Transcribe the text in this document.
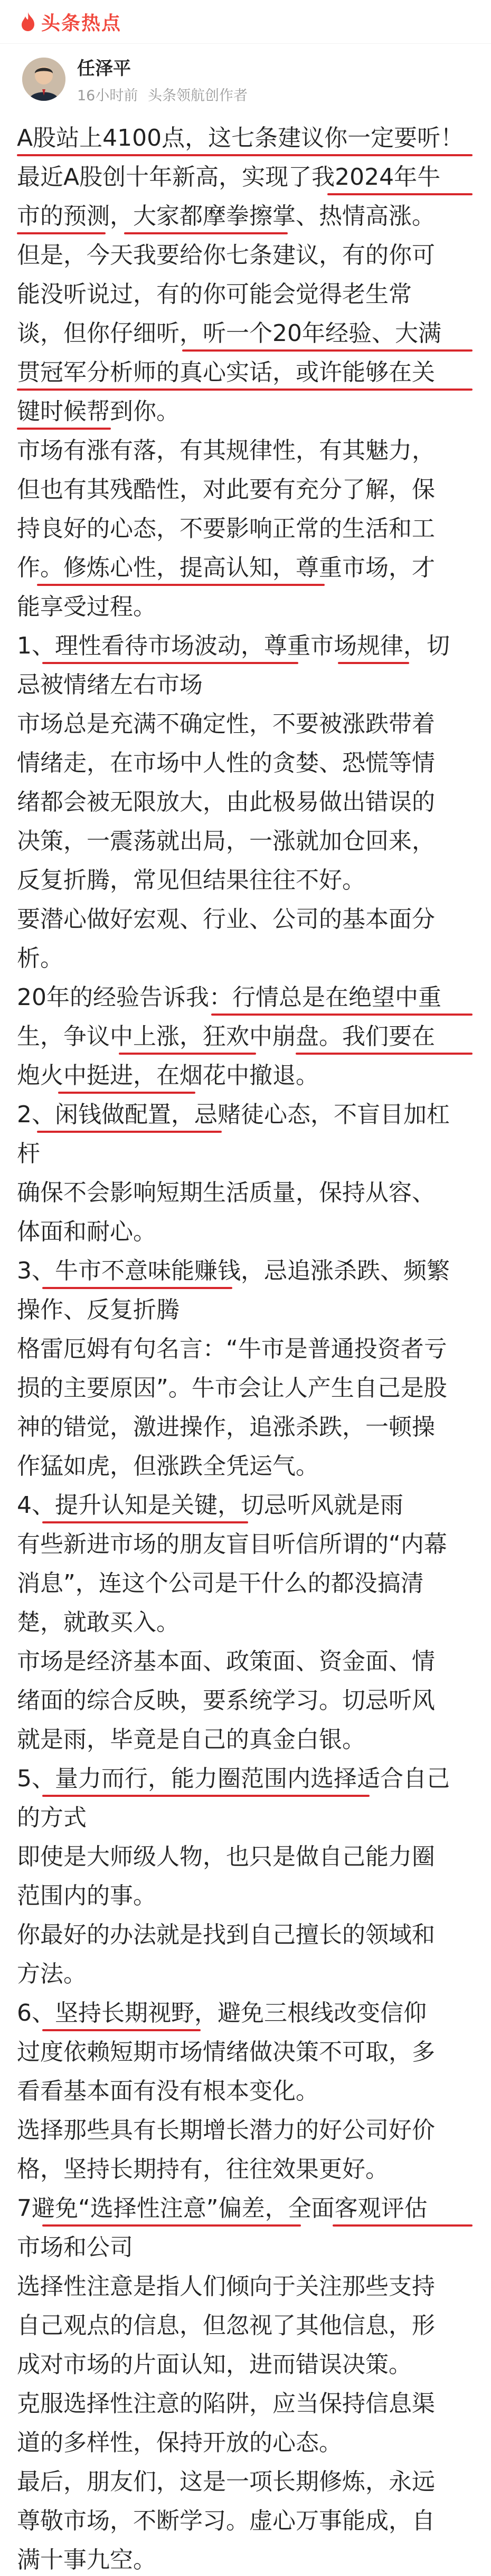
头条热点
任泽平
16小时前 头条领航创作者
A股站上4100点，这七条建议你一定要听！
最近A股创十年新高，实现了我2024年牛
市的预测，大家都摩拳擦掌、热情高涨。
但是，今天我要给你七条建议，有的你可
能没听说过，有的你可能会觉得老生常
谈，但你仔细听，听一个20年经验、大满
贯冠军分析师的真心实话，或许能够在关
键时候帮到你。
市场有涨有落，有其规律性，有其魅力，
但也有其残酷性，对此要有充分了解，保
持良好的心态，不要影响正常的生活和工
作。修炼心性，提高认知，尊重市场，才
能享受过程。
1、理性看待市场波动，尊重市场规律，切
忌被情绪左右市场
市场总是充满不确定性，不要被涨跌带着
情绪走，在市场中人性的贪婪、恐慌等情
绪都会被无限放大，由此极易做出错误的
决策，一震荡就出局，一涨就加仓回来，
反复折腾，常见但结果往往不好。
要潜心做好宏观、行业、公司的基本面分
析。
20年的经验告诉我：行情总是在绝望中重
生，争议中上涨，狂欢中崩盘。我们要在
炮火中挺进，在烟花中撤退。
2、闲钱做配置，忌赌徒心态，不盲目加杠
杆
确保不会影响短期生活质量，保持从容、
体面和耐心。
3、牛市不意味能赚钱，忌追涨杀跌、频繁
操作、反复折腾
格雷厄姆有句名言：“牛市是普通投资者亏
损的主要原因”。牛市会让人产生自己是股
神的错觉，激进操作，追涨杀跌，一顿操
作猛如虎，但涨跌全凭运气。
4、提升认知是关键，切忌听风就是雨
有些新进市场的朋友盲目听信所谓的“内幕
消息”，连这个公司是干什么的都没搞清
楚，就敢买入。
市场是经济基本面、政策面、资金面、情
绪面的综合反映，要系统学习。切忌听风
就是雨，毕竟是自己的真金白银。
5、量力而行，能力圈范围内选择适合自己
的方式
即使是大师级人物，也只是做自己能力圈
范围内的事。
你最好的办法就是找到自己擅长的领域和
方法。
6、坚持长期视野，避免三根线改变信仰
过度依赖短期市场情绪做决策不可取，多
看看基本面有没有根本变化。
选择那些具有长期增长潜力的好公司好价
格，坚持长期持有，往往效果更好。
7避免“选择性注意”偏差，全面客观评估
市场和公司
选择性注意是指人们倾向于关注那些支持
自己观点的信息，但忽视了其他信息，形
成对市场的片面认知，进而错误决策。
克服选择性注意的陷阱，应当保持信息渠
道的多样性，保持开放的心态。
最后，朋友们，这是一项长期修炼，永远
尊敬市场，不断学习。虚心万事能成，自
满十事九空。
